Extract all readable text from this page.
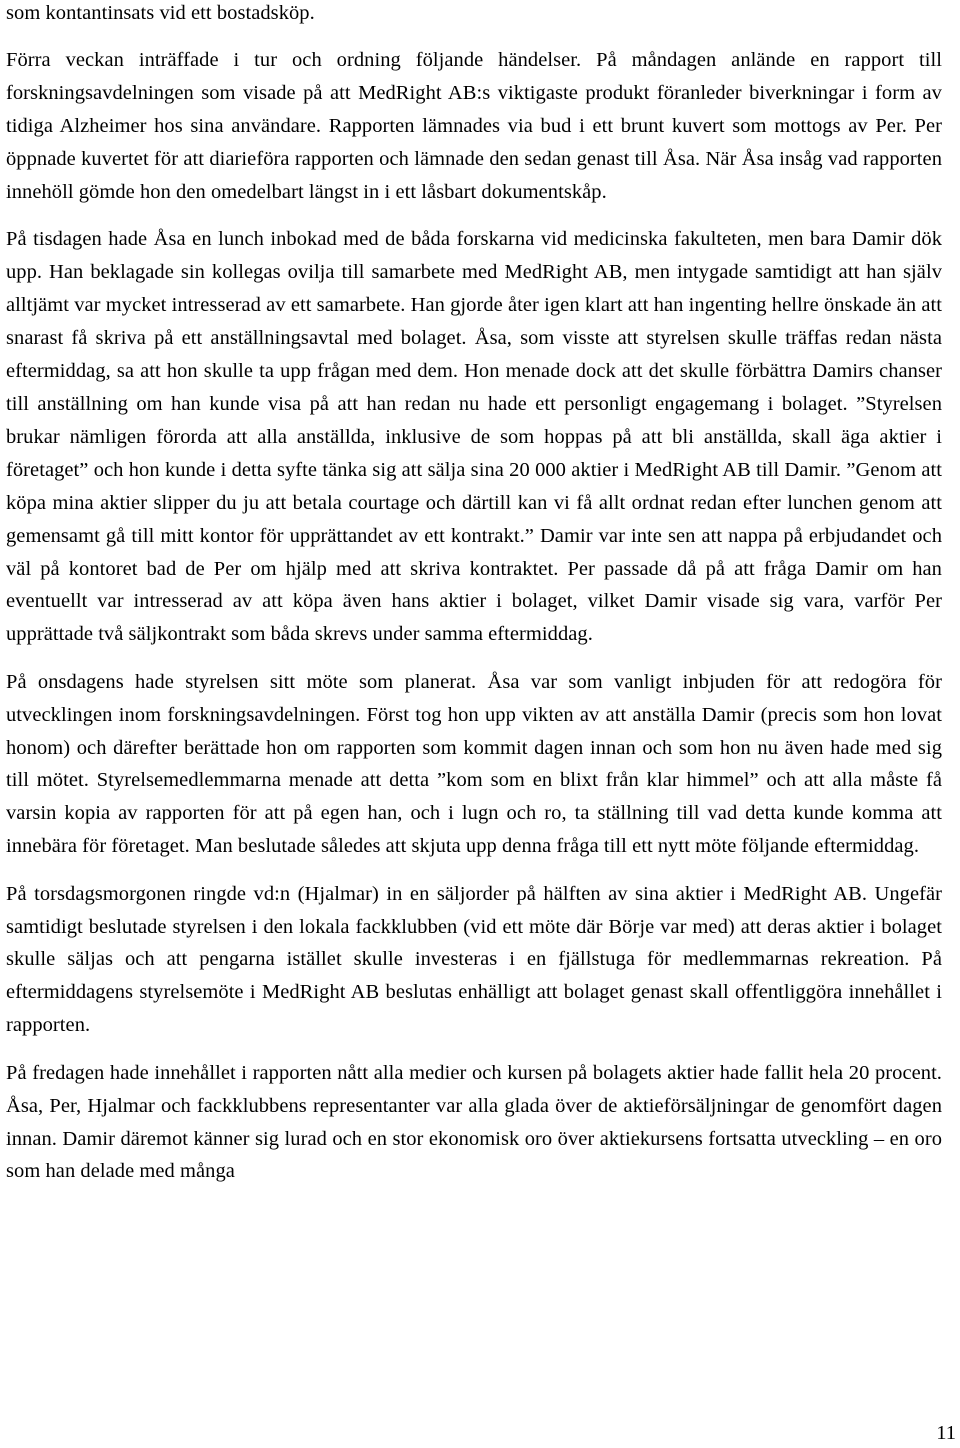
som kontantinsats vid ett bostadsköp.

Förra veckan inträffade i tur och ordning följande händelser. På måndagen anlände en rapport till forskningsavdelningen som visade på att MedRight AB:s viktigaste produkt föranleder biverkningar i form av tidiga Alzheimer hos sina användare. Rapporten lämnades via bud i ett brunt kuvert som mottogs av Per. Per öppnade kuvertet för att diarieföra rapporten och lämnade den sedan genast till Åsa. När Åsa insåg vad rapporten innehöll gömde hon den omedelbart längst in i ett låsbart dokumentskåp.

På tisdagen hade Åsa en lunch inbokad med de båda forskarna vid medicinska fakulteten, men bara Damir dök upp. Han beklagade sin kollegas ovilja till samarbete med MedRight AB, men intygade samtidigt att han själv alltjämt var mycket intresserad av ett samarbete. Han gjorde åter igen klart att han ingenting hellre önskade än att snarast få skriva på ett anställningsavtal med bolaget. Åsa, som visste att styrelsen skulle träffas redan nästa eftermiddag, sa att hon skulle ta upp frågan med dem. Hon menade dock att det skulle förbättra Damirs chanser till anställning om han kunde visa på att han redan nu hade ett personligt engagemang i bolaget. ”Styrelsen brukar nämligen förorda att alla anställda, inklusive de som hoppas på att bli anställda, skall äga aktier i företaget” och hon kunde i detta syfte tänka sig att sälja sina 20 000 aktier i MedRight AB till Damir. ”Genom att köpa mina aktier slipper du ju att betala courtage och därtill kan vi få allt ordnat redan efter lunchen genom att gemensamt gå till mitt kontor för upprättandet av ett kontrakt.” Damir var inte sen att nappa på erbjudandet och väl på kontoret bad de Per om hjälp med att skriva kontraktet. Per passade då på att fråga Damir om han eventuellt var intresserad av att köpa även hans aktier i bolaget, vilket Damir visade sig vara, varför Per upprättade två säljkontrakt som båda skrevs under samma eftermiddag.

På onsdagens hade styrelsen sitt möte som planerat. Åsa var som vanligt inbjuden för att redogöra för utvecklingen inom forskningsavdelningen. Först tog hon upp vikten av att anställa Damir (precis som hon lovat honom) och därefter berättade hon om rapporten som kommit dagen innan och som hon nu även hade med sig till mötet. Styrelsemedlemmarna menade att detta ”kom som en blixt från klar himmel” och att alla måste få varsin kopia av rapporten för att på egen han, och i lugn och ro, ta ställning till vad detta kunde komma att innebära för företaget. Man beslutade således att skjuta upp denna fråga till ett nytt möte följande eftermiddag.

På torsdagsmorgonen ringde vd:n (Hjalmar) in en säljorder på hälften av sina aktier i MedRight AB. Ungefär samtidigt beslutade styrelsen i den lokala fackklubben (vid ett möte där Börje var med) att deras aktier i bolaget skulle säljas och att pengarna istället skulle investeras i en fjällstuga för medlemmarnas rekreation. På eftermiddagens styrelsemöte i MedRight AB beslutas enhälligt att bolaget genast skall offentliggöra innehållet i rapporten.

På fredagen hade innehållet i rapporten nått alla medier och kursen på bolagets aktier hade fallit hela 20 procent. Åsa, Per, Hjalmar och fackklubbens representanter var alla glada över de aktieförsäljningar de genomfört dagen innan. Damir däremot känner sig lurad och en stor ekonomisk oro över aktiekursens fortsatta utveckling – en oro som han delade med många

11
